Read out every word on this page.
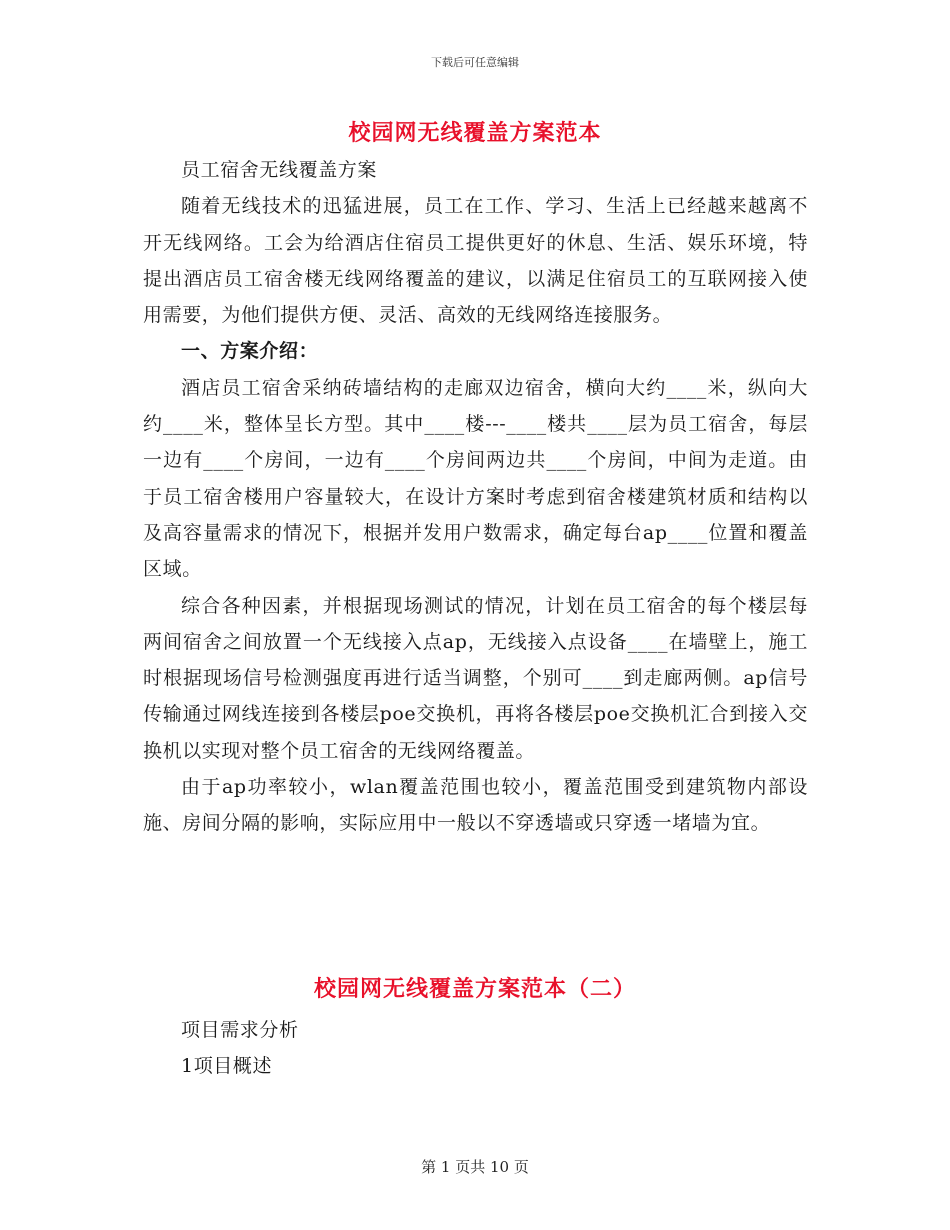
下载后可任意编辑
校园网无线覆盖方案范本

员工宿舍无线覆盖方案

随着无线技术的迅猛进展，员工在工作、学习、生活上已经越来越离不开无线网络。工会为给酒店住宿员工提供更好的休息、生活、娱乐环境，特提出酒店员工宿舍楼无线网络覆盖的建议，以满足住宿员工的互联网接入使用需要，为他们提供方便、灵活、高效的无线网络连接服务。

一、方案介绍：

酒店员工宿舍采纳砖墙结构的走廊双边宿舍，横向大约____米，纵向大约____米，整体呈长方型。其中____楼---____楼共____层为员工宿舍，每层一边有____个房间，一边有____个房间两边共____个房间，中间为走道。由于员工宿舍楼用户容量较大，在设计方案时考虑到宿舍楼建筑材质和结构以及高容量需求的情况下，根据并发用户数需求，确定每台ap____位置和覆盖区域。

综合各种因素，并根据现场测试的情况，计划在员工宿舍的每个楼层每两间宿舍之间放置一个无线接入点ap，无线接入点设备____在墙壁上，施工时根据现场信号检测强度再进行适当调整，个别可____到走廊两侧。ap信号传输通过网线连接到各楼层poe交换机，再将各楼层poe交换机汇合到接入交换机以实现对整个员工宿舍的无线网络覆盖。

由于ap功率较小，wlan覆盖范围也较小，覆盖范围受到建筑物内部设施、房间分隔的影响，实际应用中一般以不穿透墙或只穿透一堵墙为宜。

校园网无线覆盖方案范本（二）

项目需求分析

1项目概述

第 1 页共 10 页
